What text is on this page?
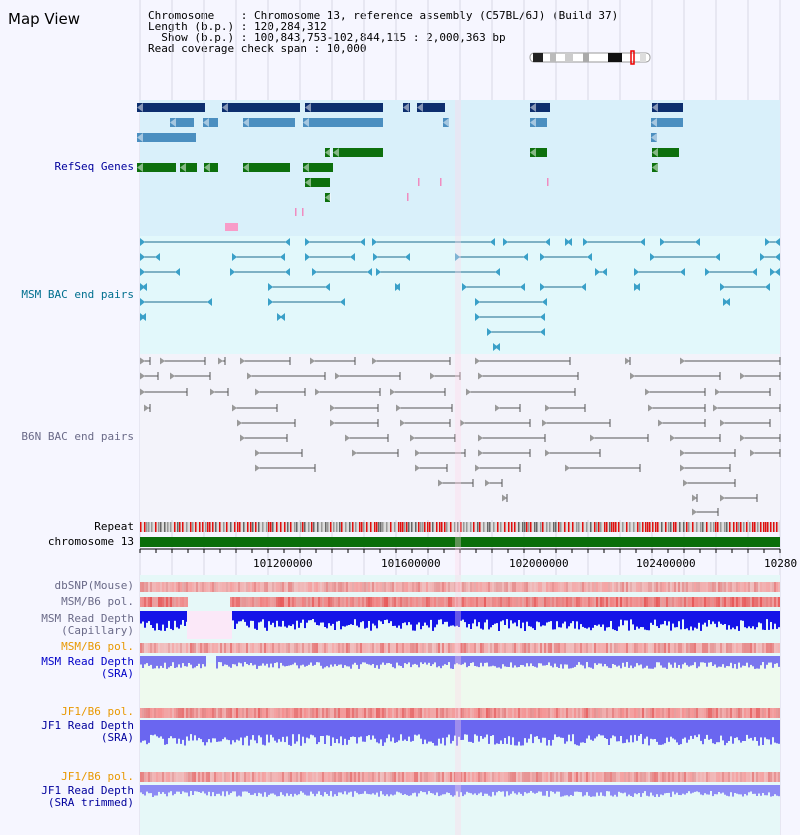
Map View	Chromosome    : Chromosome 13, reference assembly (C57BL/6J) (Build 37)
Length (b.p.) : 120,284,312
Show (b.p.) : 100,843,753-102,844,115 : 2,000,363 bp
Read coverage check span : 10,000
101200000	101600000	102000000	102400000	10280
RefSeq Genes
MSM BAC end pairs
B6N BAC end pairs
Repeat
chromosome 13
dbSNP(Mouse)
MSM/B6 pol.
MSM Read Depth
(Capillary)
MSM/B6 pol.
MSM Read Depth
(SRA)
JF1/B6 pol.
JF1 Read Depth
(SRA)
JF1/B6 pol.
JF1 Read Depth
(SRA trimmed)
